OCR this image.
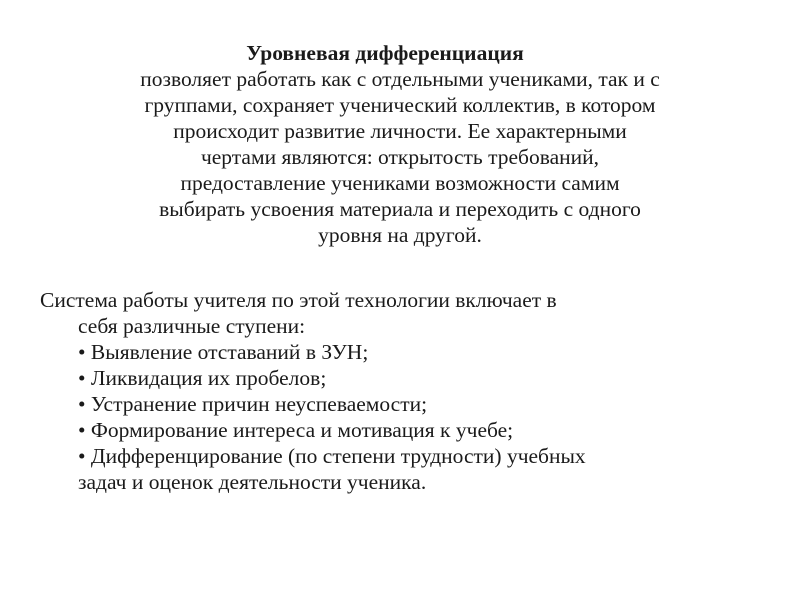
Уровневая дифференциация
позволяет работать как с отдельными учениками, так и с
группами, сохраняет ученический коллектив, в котором
происходит развитие личности. Ее характерными
чертами являются: открытость требований,
предоставление учениками возможности самим
выбирать усвоения материала и переходить с одного
уровня на другой.
Система работы учителя по этой технологии включает в
себя различные ступени:
• Выявление отставаний в ЗУН;
• Ликвидация их пробелов;
• Устранение причин неуспеваемости;
• Формирование интереса и мотивация к учебе;
• Дифференцирование (по степени трудности) учебных
задач и оценок деятельности ученика.
